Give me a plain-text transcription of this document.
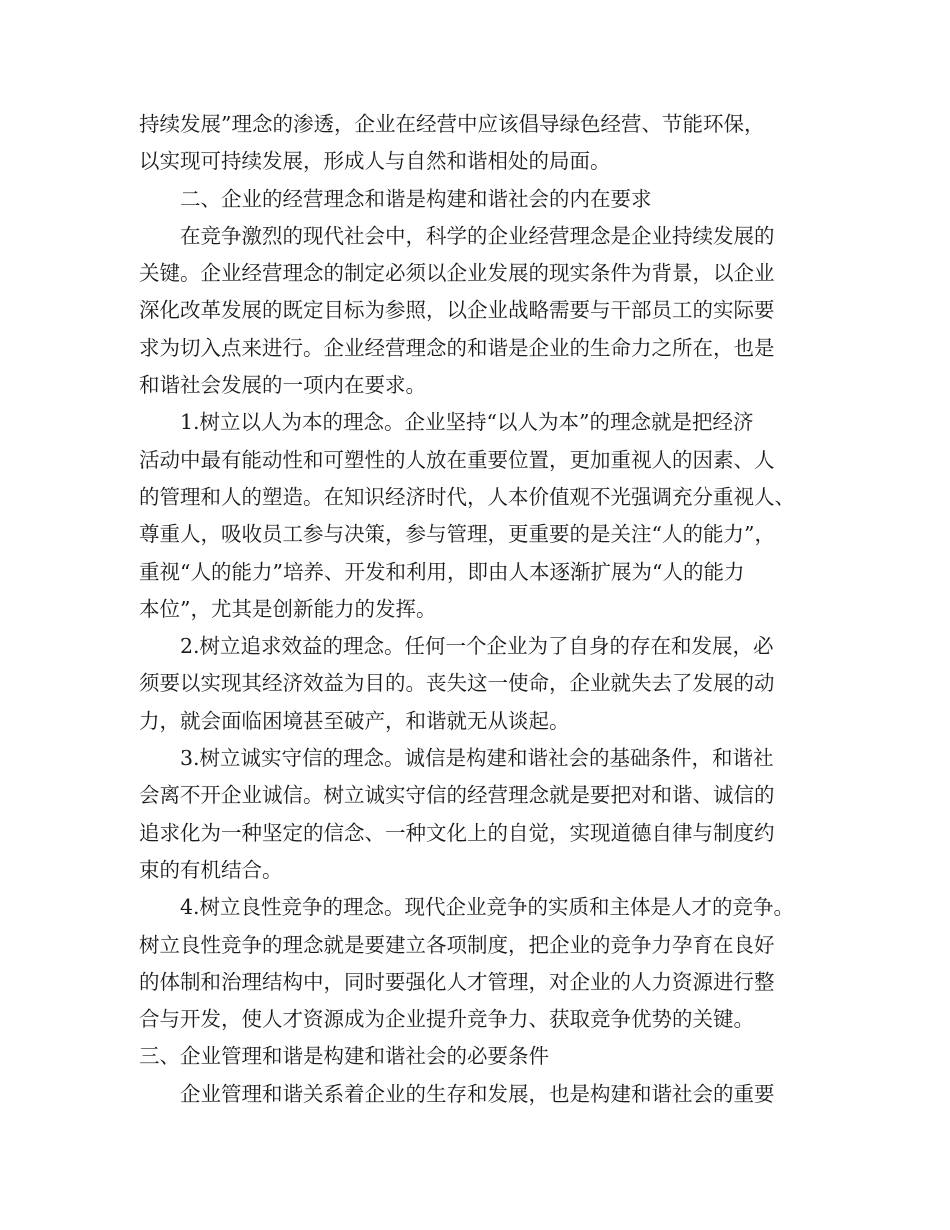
持续发展”理念的渗透，企业在经营中应该倡导绿色经营、节能环保，
以实现可持续发展，形成人与自然和谐相处的局面。

二、企业的经营理念和谐是构建和谐社会的内在要求

在竞争激烈的现代社会中，科学的企业经营理念是企业持续发展的
关键。企业经营理念的制定必须以企业发展的现实条件为背景，以企业
深化改革发展的既定目标为参照，以企业战略需要与干部员工的实际要
求为切入点来进行。企业经营理念的和谐是企业的生命力之所在，也是
和谐社会发展的一项内在要求。

1.树立以人为本的理念。企业坚持“以人为本”的理念就是把经济
活动中最有能动性和可塑性的人放在重要位置，更加重视人的因素、人
的管理和人的塑造。在知识经济时代，人本价值观不光强调充分重视人、
尊重人，吸收员工参与决策，参与管理，更重要的是关注“人的能力”，
重视“人的能力”培养、开发和利用，即由人本逐渐扩展为“人的能力
本位”，尤其是创新能力的发挥。

2.树立追求效益的理念。任何一个企业为了自身的存在和发展，必
须要以实现其经济效益为目的。丧失这一使命，企业就失去了发展的动
力，就会面临困境甚至破产，和谐就无从谈起。

3.树立诚实守信的理念。诚信是构建和谐社会的基础条件，和谐社
会离不开企业诚信。树立诚实守信的经营理念就是要把对和谐、诚信的
追求化为一种坚定的信念、一种文化上的自觉，实现道德自律与制度约
束的有机结合。

4.树立良性竞争的理念。现代企业竞争的实质和主体是人才的竞争。
树立良性竞争的理念就是要建立各项制度，把企业的竞争力孕育在良好
的体制和治理结构中，同时要强化人才管理，对企业的人力资源进行整
合与开发，使人才资源成为企业提升竞争力、获取竞争优势的关键。

三、企业管理和谐是构建和谐社会的必要条件

企业管理和谐关系着企业的生存和发展，也是构建和谐社会的重要
